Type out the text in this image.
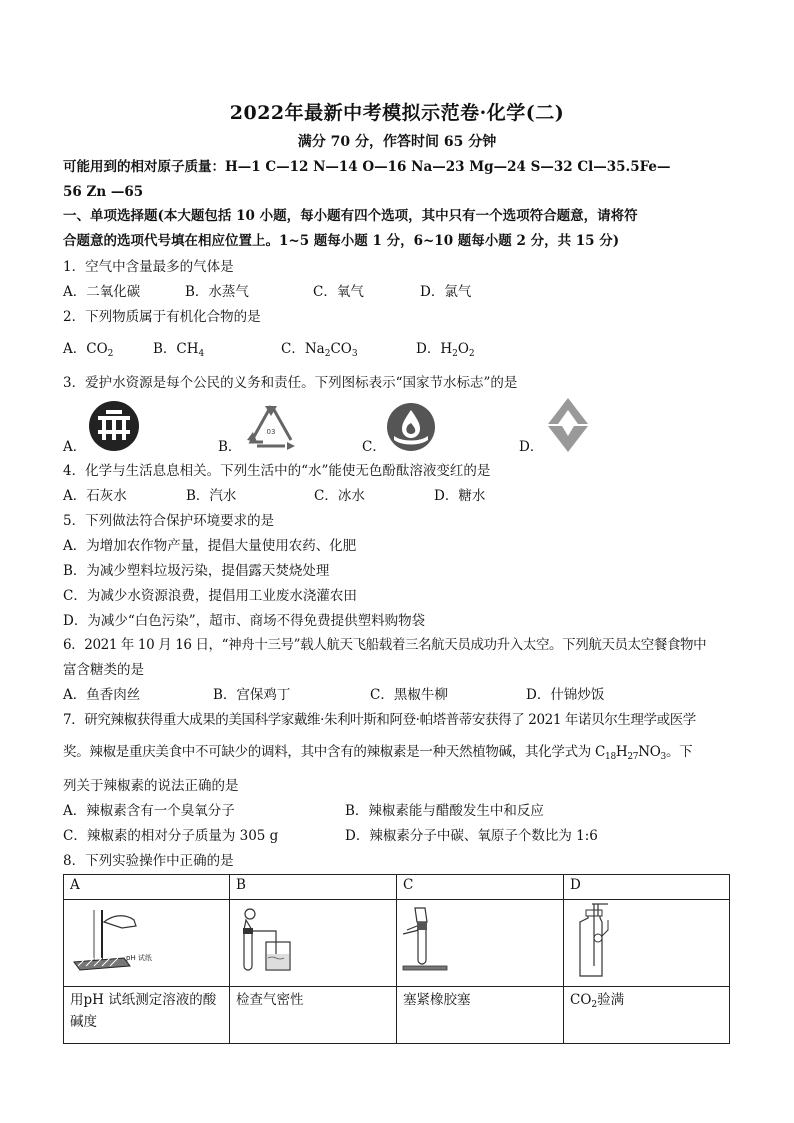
2022年最新中考模拟示范卷·化学(二)
满分 70 分，作答时间 65 分钟
可能用到的相对原子质量：H—1 C—12 N—14 O—16 Na—23 Mg—24 S—32 Cl—35.5Fe—
56 Zn —65
一、单项选择题(本大题包括 10 小题，每小题有四个选项，其中只有一个选项符合题意，请将符
合题意的选项代号填在相应位置上。1~5 题每小题 1 分，6~10 题每小题 2 分，共 15 分)
1．空气中含量最多的气体是
A．二氧化碳	B．水蒸气	C．氧气	D．氯气
2．下列物质属于有机化合物的是
A．$CO_2$	B．$CH_4$	C．$Na_2CO_3$	D．$H_2O_2$
3．爱护水资源是每个公民的义务和责任。下列图标表示“国家节水标志”的是
A．	B．	C．	D．
03
4．化学与生活息息相关。下列生活中的“水”能使无色酚酞溶液变红的是
A．石灰水	B．汽水	C．冰水	D．糖水
5．下列做法符合保护环境要求的是
A．为增加农作物产量，提倡大量使用农药、化肥
B．为减少塑料垃圾污染，提倡露天焚烧处理
C．为减少水资源浪费，提倡用工业废水浇灌农田
D．为减少“白色污染”，超市、商场不得免费提供塑料购物袋
6．2021 年 10 月 16 日，“神舟十三号”载人航天飞船载着三名航天员成功升入太空。下列航天员太空餐食物中
富含糖类的是
A．鱼香肉丝	B．宫保鸡丁	C．黑椒牛柳	D．什锦炒饭
7．研究辣椒获得重大成果的美国科学家戴维·朱利叶斯和阿登·帕塔普蒂安获得了 2021 年诺贝尔生理学或医学
奖。辣椒是重庆美食中不可缺少的调料，其中含有的辣椒素是一种天然植物碱，其化学式为 $C_{18}H_{27}NO_3$。下
列关于辣椒素的说法正确的是
A．辣椒素含有一个臭氧分子	B．辣椒素能与醋酸发生中和反应
C．辣椒素的相对分子质量为 305 g	D．辣椒素分子中碳、氧原子个数比为 1:6
8．下列实验操作中正确的是
A	B	C	D

pH 试纸

用pH 试纸测定溶液的酸碱度	检查气密性	塞紧橡胶塞	$CO_2$验满
